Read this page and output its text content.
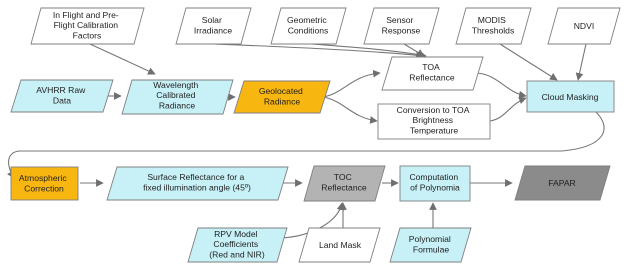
In Flight and Pre- Flight Calibration Factors
Solar Irradiance
Geometric Conditions
Sensor Response
MODIS Thresholds	NDVI
AVHRR Raw Data
Wavelength Calibrated Radiance
Geolocated Radiance
TOA Reflectance
Conversion to TOA Brightness Temperature
Cloud Masking
Atmospheric Correction
Surface Reflectance for a fixed illumination angle (45º)
TOC Reflectance
Computation of Polynomia	FAPAR
RPV Model Coefficients (Red and NIR)
Land Mask
Polynomial Formulae
